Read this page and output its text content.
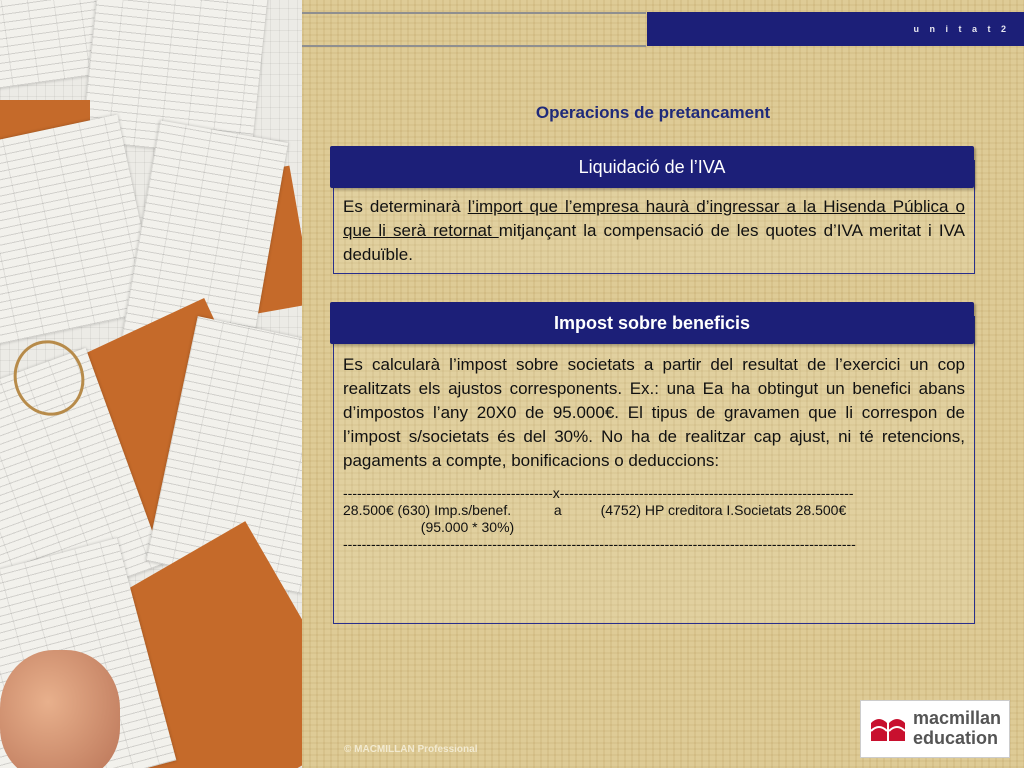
u n i t a t 2
Operacions de pretancament
Es determinarà l’import que l’empresa haurà d’ingressar a la Hisenda Pública o que li serà retornat mitjançant la compensació de les quotes d’IVA meritat i IVA deduïble.
Liquidació de l’IVA
Es calcularà l’impost sobre societats a partir del resultat de l’exercici un cop realitzats els ajustos corresponents. Ex.: una Ea ha obtingut un benefici abans d’impostos l’any 20X0 de 95.000€. El tipus de gravamen que li correspon de l’impost s/societats és del 30%. No ha de realitzar cap ajust, ni té retencions, pagaments a compte, bonificacions o deduccions:
---------------------------------------------x---------------------------------------------------------------
28.500€ (630) Imp.s/benef.           a          (4752) HP creditora I.Societats 28.500€
(95.000 * 30%)
--------------------------------------------------------------------------------------------------------------
Impost sobre beneficis
© MACMILLAN Professional
macmillan
education
